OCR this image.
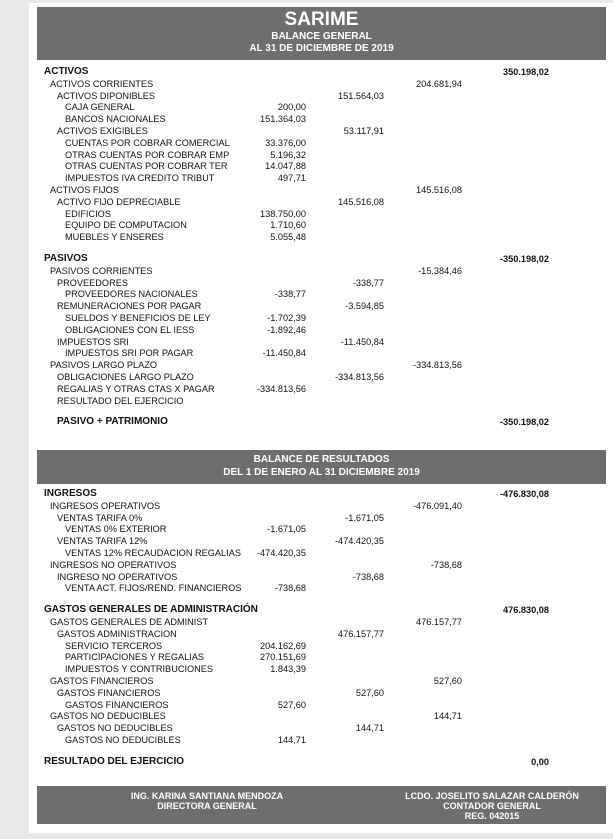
SARIME
BALANCE GENERAL
AL 31 DE DICIEMBRE DE 2019
ACTIVOS	350.198,02
ACTIVOS CORRIENTES	204.681,94
ACTIVOS DIPONIBLES	151.564,03
CAJA GENERAL	200,00
BANCOS NACIONALES	151.364,03
ACTIVOS EXIGIBLES	53.117,91
CUENTAS POR COBRAR COMERCIAL	33.376,00
OTRAS CUENTAS POR COBRAR EMP	5.196,32
OTRAS CUENTAS POR COBRAR TER	14.047,88
IMPUESTOS IVA CREDITO TRIBUT	497,71
ACTIVOS FIJOS	145.516,08
ACTIVO FIJO DEPRECIABLE	145.516,08
EDIFICIOS	138.750,00
EQUIPO DE COMPUTACION	1.710,60
MUEBLES Y ENSERES	5.055,48
PASIVOS	-350.198,02
PASIVOS CORRIENTES	-15.384,46
PROVEEDORES	-338,77
PROVEEDORES NACIONALES	-338,77
REMUNERACIONES POR PAGAR	-3.594,85
SUELDOS Y BENEFICIOS DE LEY	-1.702,39
OBLIGACIONES CON EL IESS	-1.892,46
IMPUESTOS SRI	-11.450,84
IMPUESTOS SRI POR PAGAR	-11.450,84
PASIVOS LARGO PLAZO	-334.813,56
OBLIGACIONES LARGO PLAZO	-334.813,56
REGALIAS Y OTRAS CTAS X PAGAR	-334.813,56
RESULTADO DEL EJERCICIO
PASIVO + PATRIMONIO	-350.198,02
BALANCE DE RESULTADOS
DEL 1 DE ENERO AL 31 DICIEMBRE 2019
INGRESOS	-476.830,08
INGRESOS OPERATIVOS	-476.091,40
VENTAS TARIFA 0%	-1.671,05
VENTAS 0% EXTERIOR	-1.671,05
VENTAS TARIFA 12%	-474.420,35
VENTAS 12% RECAUDACION REGALIAS	-474.420,35
INGRESOS NO OPERATIVOS	-738,68
INGRESO NO OPERATIVOS	-738,68
VENTA ACT. FIJOS/REND. FINANCIEROS	-738,68
GASTOS GENERALES DE ADMINISTRACIÓN	476.830,08
GASTOS GENERALES DE ADMINIST	476.157,77
GASTOS ADMINISTRACION	476.157,77
SERVICIO TERCEROS	204.162,69
PARTICIPACIONES Y REGALIAS	270.151,69
IMPUESTOS Y CONTRIBUCIONES	1.843,39
GASTOS FINANCIEROS	527,60
GASTOS FINANCIEROS	527,60
GASTOS FINANCIEROS	527,60
GASTOS NO DEDUCIBLES	144,71
GASTOS NO DEDUCIBLES	144,71
GASTOS NO DEDUCIBLES	144,71
RESULTADO DEL EJERCICIO	0,00
ING. KARINA SANTIANA MENDOZA
DIRECTORA GENERAL
LCDO. JOSELITO SALAZAR CALDERÓN
CONTADOR GENERAL
REG. 042015
